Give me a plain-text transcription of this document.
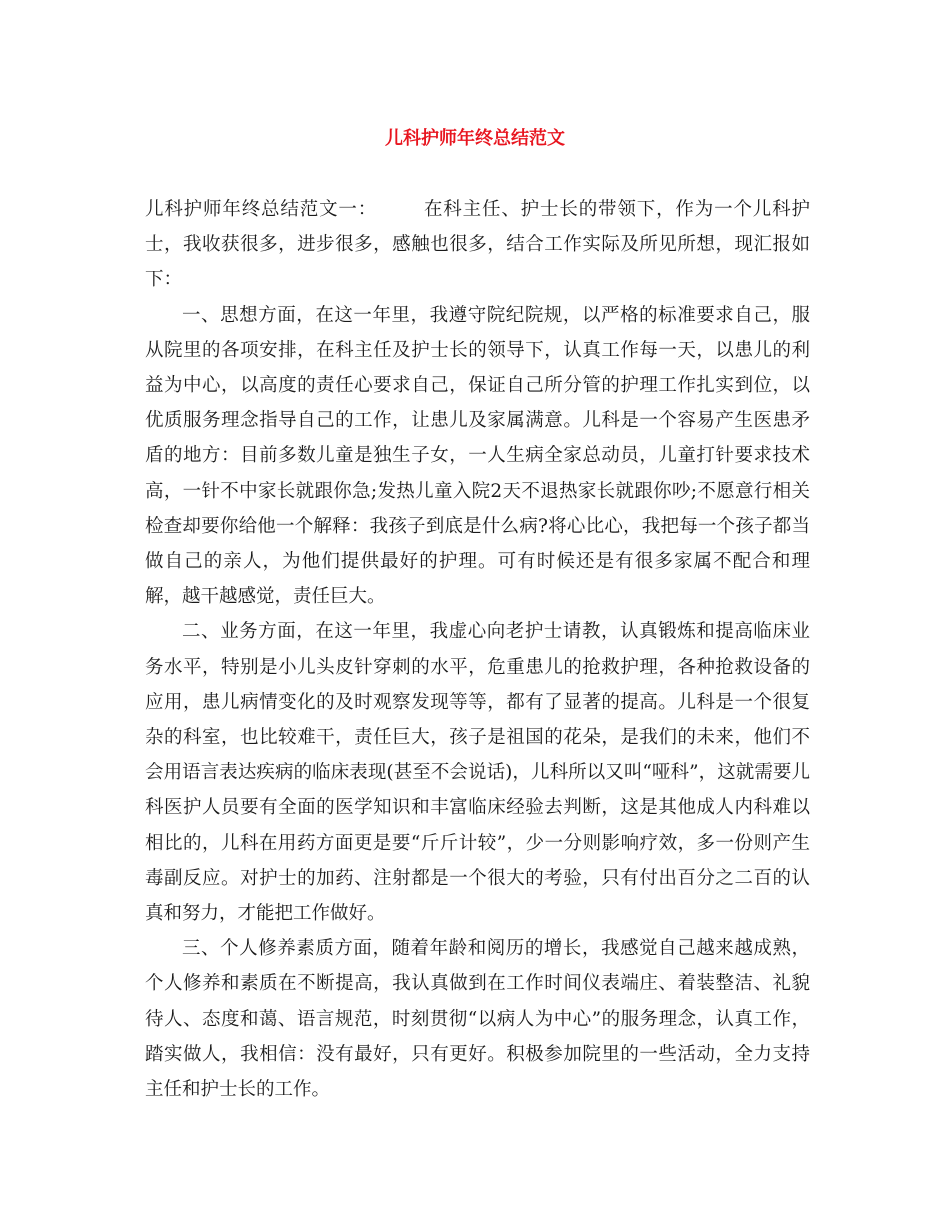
儿科护师年终总结范文

儿科护师年终总结范文一： 在科主任、护士长的带领下，作为一个儿科护士，我收获很多，进步很多，感触也很多，结合工作实际及所见所想，现汇报如下：

一、思想方面，在这一年里，我遵守院纪院规，以严格的标准要求自己，服从院里的各项安排，在科主任及护士长的领导下，认真工作每一天，以患儿的利益为中心，以高度的责任心要求自己，保证自己所分管的护理工作扎实到位，以优质服务理念指导自己的工作，让患儿及家属满意。儿科是一个容易产生医患矛盾的地方：目前多数儿童是独生子女，一人生病全家总动员，儿童打针要求技术高，一针不中家长就跟你急;发热儿童入院2天不退热家长就跟你吵;不愿意行相关检查却要你给他一个解释：我孩子到底是什么病?将心比心，我把每一个孩子都当做自己的亲人，为他们提供最好的护理。可有时候还是有很多家属不配合和理解，越干越感觉，责任巨大。

二、业务方面，在这一年里，我虚心向老护士请教，认真锻炼和提高临床业务水平，特别是小儿头皮针穿刺的水平，危重患儿的抢救护理，各种抢救设备的应用，患儿病情变化的及时观察发现等等，都有了显著的提高。儿科是一个很复杂的科室，也比较难干，责任巨大，孩子是祖国的花朵，是我们的未来，他们不会用语言表达疾病的临床表现(甚至不会说话)，儿科所以又叫“哑科”，这就需要儿科医护人员要有全面的医学知识和丰富临床经验去判断，这是其他成人内科难以相比的，儿科在用药方面更是要“斤斤计较”，少一分则影响疗效，多一份则产生毒副反应。对护士的加药、注射都是一个很大的考验，只有付出百分之二百的认真和努力，才能把工作做好。

三、个人修养素质方面，随着年龄和阅历的增长，我感觉自己越来越成熟，个人修养和素质在不断提高，我认真做到在工作时间仪表端庄、着装整洁、礼貌待人、态度和蔼、语言规范，时刻贯彻“以病人为中心”的服务理念，认真工作，踏实做人，我相信：没有最好，只有更好。积极参加院里的一些活动，全力支持主任和护士长的工作。
